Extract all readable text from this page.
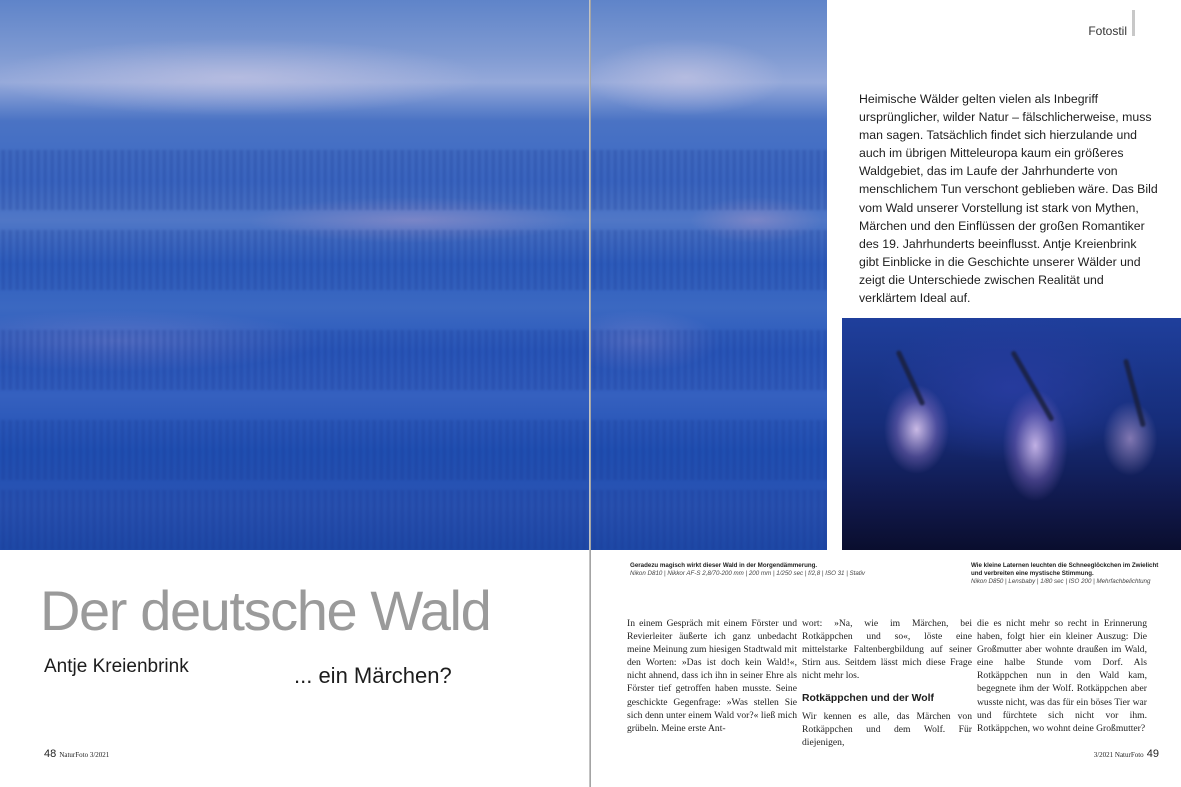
Der deutsche Wald

Antje Kreienbrink	... ein Märchen?

48 NaturFoto 3/2021
Fotostil

Heimische Wälder gelten vielen als Inbegriff ursprünglicher, wilder Natur – fälschlicherweise, muss man sagen. Tatsächlich findet sich hierzulande und auch im übrigen Mitteleuropa kaum ein größeres Waldgebiet, das im Laufe der Jahrhunderte von menschlichem Tun verschont geblieben wäre. Das Bild vom Wald unserer Vorstellung ist stark von Mythen, Märchen und den Einflüssen der großen Romantiker des 19. Jahrhunderts beeinflusst. Antje Kreienbrink gibt Einblicke in die Geschichte unserer Wälder und zeigt die Unterschiede zwischen Realität und verklärtem Ideal auf.

Geradezu magisch wirkt dieser Wald in der Morgendämmerung.
Nikon D810 | Nikkor AF-S 2,8/70-200 mm | 200 mm | 1/250 sec | f/2,8 | ISO 31 | Stativ
Wie kleine Laternen leuchten die Schneeglöckchen im Zwielicht und verbreiten eine mystische Stimmung.
Nikon D850 | Lensbaby | 1/80 sec | ISO 200 | Mehrfachbelichtung

In einem Gespräch mit einem Förster und Revierleiter äußerte ich ganz unbedacht meine Meinung zum hiesigen Stadtwald mit den Worten: »Das ist doch kein Wald!«, nicht ahnend, dass ich ihn in seiner Ehre als Förster tief getroffen haben musste. Seine geschickte Gegenfrage: »Was stellen Sie sich denn unter einem Wald vor?« ließ mich grübeln. Meine erste Ant-

wort: »Na, wie im Märchen, bei Rotkäppchen und so«, löste eine mittelstarke Faltenbergbildung auf seiner Stirn aus. Seitdem lässt mich diese Frage nicht mehr los.
Rotkäppchen und der Wolf
Wir kennen es alle, das Märchen von Rotkäppchen und dem Wolf. Für diejenigen,

die es nicht mehr so recht in Erinnerung haben, folgt hier ein kleiner Auszug: Die Großmutter aber wohnte draußen im Wald, eine halbe Stunde vom Dorf. Als Rotkäppchen nun in den Wald kam, begegnete ihm der Wolf. Rotkäppchen aber wusste nicht, was das für ein böses Tier war und fürchtete sich nicht vor ihm. Rotkäppchen, wo wohnt deine Großmutter?

3/2021 NaturFoto 49
